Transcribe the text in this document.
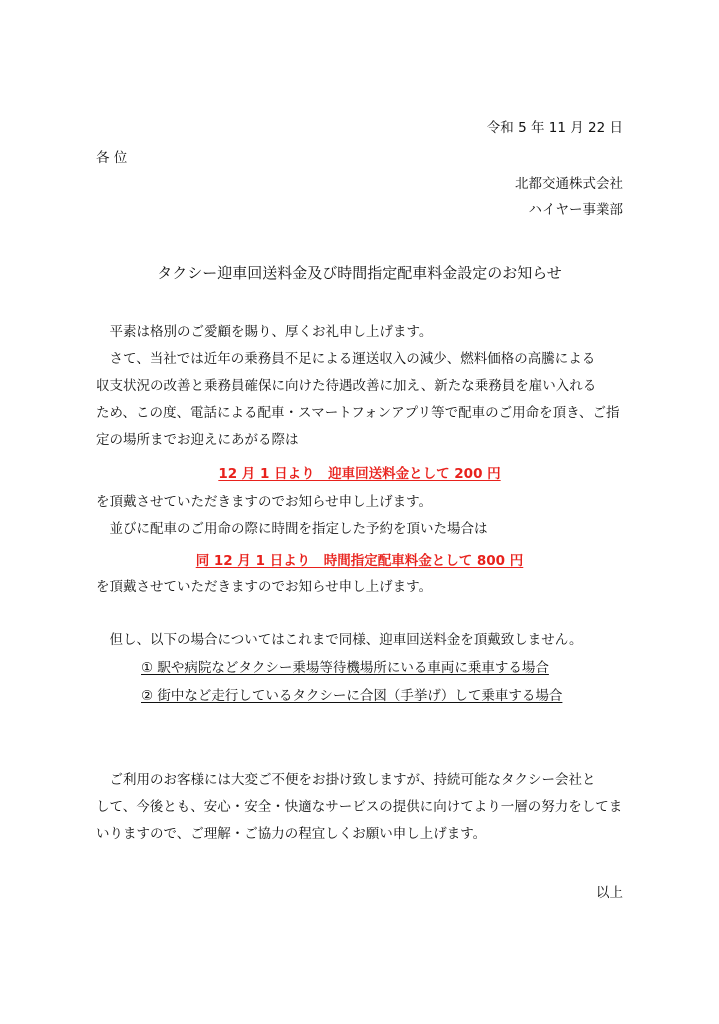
令和 5 年 11 月 22 日
各 位
北都交通株式会社
ハイヤー事業部
タクシー迎車回送料金及び時間指定配車料金設定のお知らせ
　平素は格別のご愛顧を賜り、厚くお礼申し上げます。
　さて、当社では近年の乗務員不足による運送収入の減少、燃料価格の高騰による
収支状況の改善と乗務員確保に向けた待遇改善に加え、新たな乗務員を雇い入れる
ため、この度、電話による配車・スマートフォンアプリ等で配車のご用命を頂き、ご指
定の場所までお迎えにあがる際は
12 月 1 日より　迎車回送料金として 200 円
を頂戴させていただきますのでお知らせ申し上げます。
　並びに配車のご用命の際に時間を指定した予約を頂いた場合は
同 12 月 1 日より　時間指定配車料金として 800 円
を頂戴させていただきますのでお知らせ申し上げます。
　但し、以下の場合についてはこれまで同様、迎車回送料金を頂戴致しません。
① 駅や病院などタクシー乗場等待機場所にいる車両に乗車する場合
② 街中など走行しているタクシーに合図（手挙げ）して乗車する場合
　ご利用のお客様には大変ご不便をお掛け致しますが、持続可能なタクシー会社と
して、今後とも、安心・安全・快適なサービスの提供に向けてより一層の努力をしてま
いりますので、ご理解・ご協力の程宜しくお願い申し上げます。
以上
